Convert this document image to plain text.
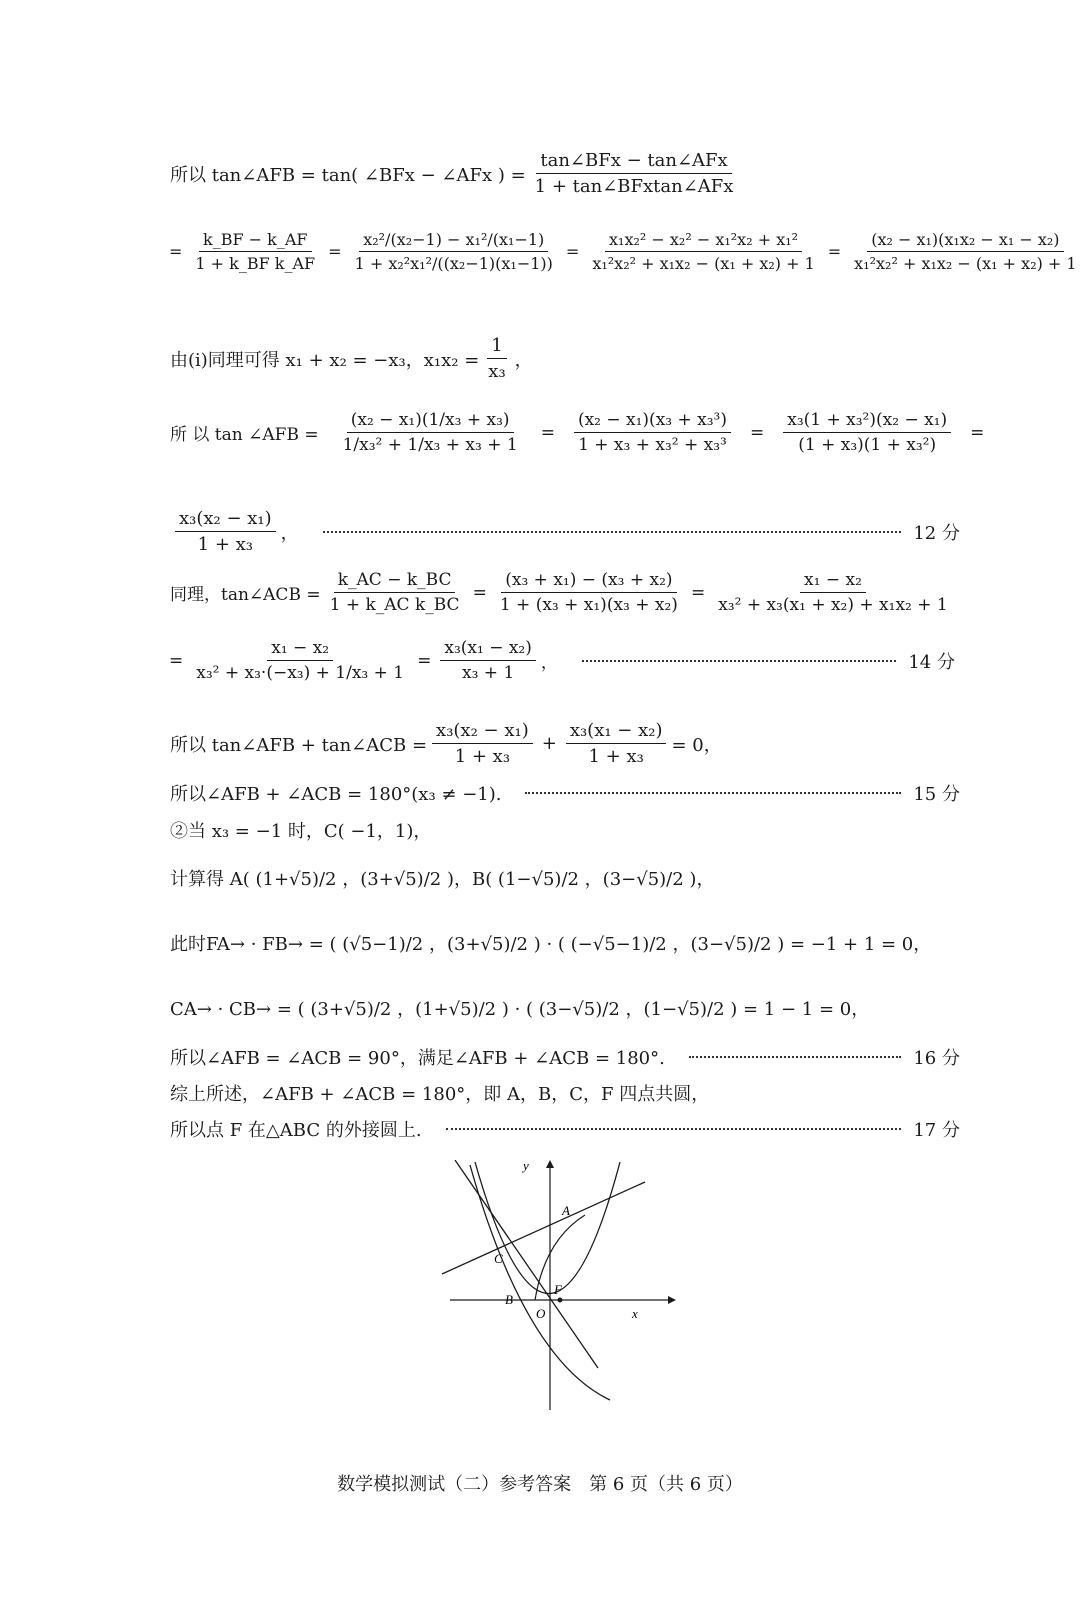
所以 tan∠AFB = tan( ∠BFx − ∠AFx ) = $\frac{\text{tan∠BFx − tan∠AFx}}{\text{1 + tan∠BFxtan∠AFx}}$
= $\frac{k\_BF - k\_AF}{\text{1 + k\_BF k\_AF}} = \frac{\text{x₂²/(x₂−1) − x₁²/(x₁−1)}}{\text{1 + x₂²x₁²/((x₂−1)(x₁−1))}} = \frac{\text{x₁x₂² − x₂² − x₁²x₂ + x₁²}}{\text{x₁²x₂² + x₁x₂ − (x₁ + x₂) + 1}} = \frac{\text{(x₂ − x₁)(x₁x₂ − x₁ − x₂)}}{\text{x₁²x₂² + x₁x₂ − (x₁ + x₂) + 1}}$
由(i)同理可得 x₁ + x₂ = −x₃，$x_1x_2 = \frac{1}{\text{x₃}}$ ，
所 以 tan ∠AFB = $\frac{\text{(x₂ − x₁)(1/x₃ + x₃)}}{\text{1/x₃² + 1/x₃ + x₃ + 1}} = \frac{\text{(x₂ − x₁)(x₃ + x₃³)}}{\text{1 + x₃ + x₃² + x₃³}} = \frac{\text{x₃(1 + x₃²)(x₂ − x₁)}}{\text{(1 + x₃)(1 + x₃²)}}$ =
$\frac{\text{x₃(x₂ − x₁)}}{\text{1 + x₃}}$ ，	12 分
同理，tan∠ACB = $\frac{k\_AC - k\_BC}{\text{1 + k\_AC k\_BC}} = \frac{\text{(x₃ + x₁) − (x₃ + x₂)}}{\text{1 + (x₃ + x₁)(x₃ + x₂)}} = \frac{\text{x₁ − x₂}}{\text{x₃² + x₃(x₁ + x₂) + x₁x₂ + 1}}$
= $\frac{\text{x₁ − x₂}}{\text{x₃² + x₃·(−x₃) + 1/x₃ + 1}} = \frac{\text{x₃(x₁ − x₂)}}{\text{x₃ + 1}}$ ，	14 分
所以 tan∠AFB + tan∠ACB = $\frac{\text{x₃(x₂ − x₁)}}{\text{1 + x₃}} + \frac{\text{x₃(x₁ − x₂)}}{\text{1 + x₃}} = 0$，
所以∠AFB + ∠ACB = 180°(x₃ ≠ −1).	15 分
②当 x₃ = −1 时，C( −1，1)，
计算得 A( (1+√5)/2 ，(3+√5)/2 )，B( (1−√5)/2 ，(3−√5)/2 )，
此时FA→ · FB→ = ( (√5−1)/2 ，(3+√5)/2 ) · ( (−√5−1)/2 ，(3−√5)/2 ) = −1 + 1 = 0，
CA→ · CB→ = ( (3+√5)/2 ，(1+√5)/2 ) · ( (3−√5)/2 ，(1−√5)/2 ) = 1 − 1 = 0，
所以∠AFB = ∠ACB = 90°，满足∠AFB + ∠ACB = 180°.	16 分
综上所述，∠AFB + ∠ACB = 180°，即 A，B，C，F 四点共圆，
所以点 F 在△ABC 的外接圆上.	17 分
y
x
A
B
C
F
O
数学模拟测试（二）参考答案　第 6 页（共 6 页）
